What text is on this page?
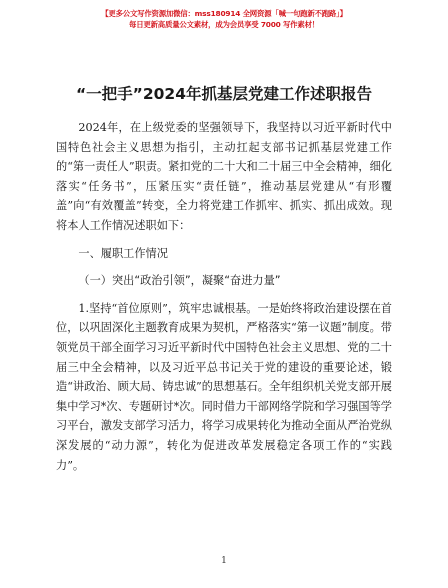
【更多公文写作资源加微信：mss180914 全网资源「喊一句跑新不跑路」】
每日更新高质量公文素材，成为会员享受 7000 写作素材！
“一把手”2024年抓基层党建工作述职报告

2024年，在上级党委的坚强领导下，我坚持以习近平新时代中国特色社会主义思想为指引，主动扛起支部书记抓基层党建工作的“第一责任人”职责。紧扣党的二十大和二十届三中全会精神，细化落实“任务书”，压紧压实“责任链”，推动基层党建从“有形覆盖”向“有效覆盖”转变，全力将党建工作抓牢、抓实、抓出成效。现将本人工作情况述职如下：

一、履职工作情况

（一）突出“政治引领”，凝聚“奋进力量”

1.坚持“首位原则”，筑牢忠诚根基。一是始终将政治建设摆在首位，以巩固深化主题教育成果为契机，严格落实“第一议题”制度。带领党员干部全面学习习近平新时代中国特色社会主义思想、党的二十届三中全会精神，以及习近平总书记关于党的建设的重要论述，锻造“讲政治、顾大局、铸忠诚”的思想基石。全年组织机关党支部开展集中学习*次、专题研讨*次。同时借力干部网络学院和学习强国等学习平台，激发支部学习活力，将学习成果转化为推动全面从严治党纵深发展的“动力源”，转化为促进改革发展稳定各项工作的“实践力”。

1
